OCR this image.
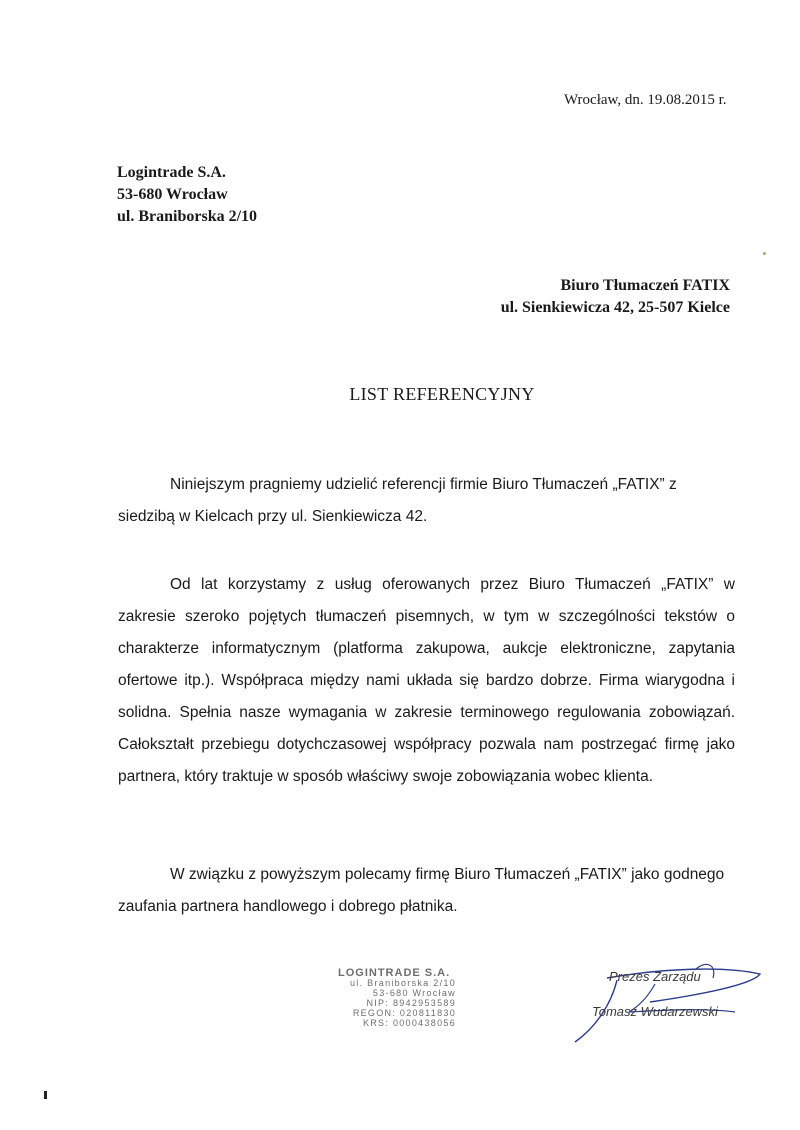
Wrocław, dn. 19.08.2015 r.
Logintrade S.A.
53-680 Wrocław
ul. Braniborska 2/10
Biuro Tłumaczeń FATIX
ul. Sienkiewicza 42, 25-507 Kielce
LIST REFERENCYJNY
Niniejszym pragniemy udzielić referencji firmie Biuro Tłumaczeń „FATIX” z siedzibą w Kielcach przy ul. Sienkiewicza 42.
Od lat korzystamy z usług oferowanych przez Biuro Tłumaczeń „FATIX” w zakresie szeroko pojętych tłumaczeń pisemnych, w tym w szczególności tekstów o charakterze informatycznym (platforma zakupowa, aukcje elektroniczne, zapytania ofertowe itp.). Współpraca między nami układa się bardzo dobrze. Firma wiarygodna i solidna. Spełnia nasze wymagania w zakresie terminowego regulowania zobowiązań. Całokształt przebiegu dotychczasowej współpracy pozwala nam postrzegać firmę jako partnera, który traktuje w sposób właściwy swoje zobowiązania wobec klienta.
W związku z powyższym polecamy firmę Biuro Tłumaczeń „FATIX” jako godnego zaufania partnera handlowego i dobrego płatnika.
LOGINTRADE S.A.
ul. Braniborska 2/10
53-680 Wrocław
NIP: 8942953589
REGON: 020811830
KRS: 0000438056
Prezes Zarządu
Tomasz Wudarzewski
